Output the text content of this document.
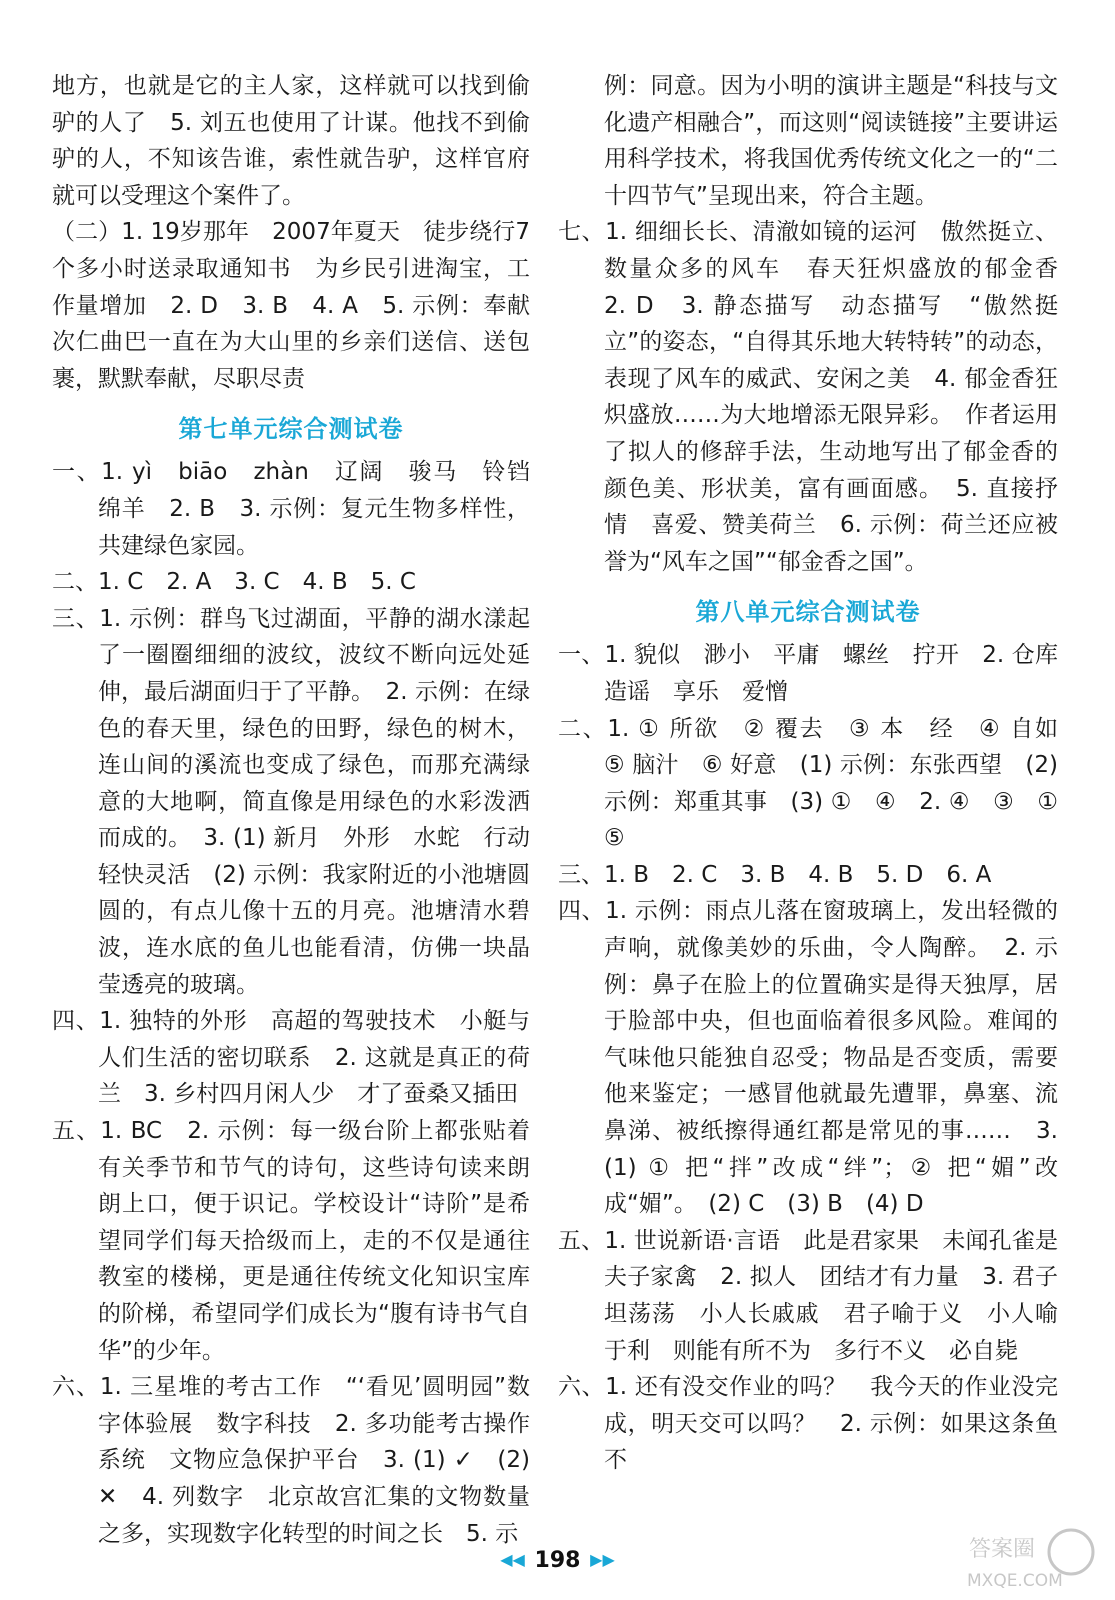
地方，也就是它的主人家，这样就可以找到偷驴的人了　5. 刘五也使用了计谋。他找不到偷驴的人，不知该告谁，索性就告驴，这样官府就可以受理这个案件了。

（二）1. 19岁那年　2007年夏天　徒步绕行7个多小时送录取通知书　为乡民引进淘宝，工作量增加　2. D　3. B　4. A　5. 示例：奉献　次仁曲巴一直在为大山里的乡亲们送信、送包裹，默默奉献，尽职尽责

第七单元综合测试卷

一、1. yì　biāo　zhàn　辽阔　骏马　铃铛　绵羊　2. B　3. 示例：复元生物多样性，共建绿色家园。

二、1. C　2. A　3. C　4. B　5. C

三、1. 示例：群鸟飞过湖面，平静的湖水漾起了一圈圈细细的波纹，波纹不断向远处延伸，最后湖面归于了平静。　2. 示例：在绿色的春天里，绿色的田野，绿色的树木，连山间的溪流也变成了绿色，而那充满绿意的大地啊，简直像是用绿色的水彩泼洒而成的。　3. (1) 新月　外形　水蛇　行动轻快灵活　(2) 示例：我家附近的小池塘圆圆的，有点儿像十五的月亮。池塘清水碧波，连水底的鱼儿也能看清，仿佛一块晶莹透亮的玻璃。

四、1. 独特的外形　高超的驾驶技术　小艇与人们生活的密切联系　2. 这就是真正的荷兰　3. 乡村四月闲人少　才了蚕桑又插田

五、1. BC　2. 示例：每一级台阶上都张贴着有关季节和节气的诗句，这些诗句读来朗朗上口，便于识记。学校设计“诗阶”是希望同学们每天拾级而上，走的不仅是通往教室的楼梯，更是通往传统文化知识宝库的阶梯，希望同学们成长为“腹有诗书气自华”的少年。

六、1. 三星堆的考古工作　“‘看见’圆明园”数字体验展　数字科技　2. 多功能考古操作系统　文物应急保护平台　3. (1) ✓　(2) ✕　4. 列数字　北京故宫汇集的文物数量之多，实现数字化转型的时间之长　5. 示

例：同意。因为小明的演讲主题是“科技与文化遗产相融合”，而这则“阅读链接”主要讲运用科学技术，将我国优秀传统文化之一的“二十四节气”呈现出来，符合主题。

七、1. 细细长长、清澈如镜的运河　傲然挺立、数量众多的风车　春天狂炽盛放的郁金香　2. D　3. 静态描写　动态描写　“傲然挺立”的姿态，“自得其乐地大转特转”的动态，表现了风车的威武、安闲之美　4. 郁金香狂炽盛放……为大地增添无限异彩。　作者运用了拟人的修辞手法，生动地写出了郁金香的颜色美、形状美，富有画面感。　5. 直接抒情　喜爱、赞美荷兰　6. 示例：荷兰还应被誉为“风车之国”“郁金香之国”。

第八单元综合测试卷

一、1. 貌似　渺小　平庸　螺丝　拧开　2. 仓库　造谣　享乐　爱憎

二、1. ① 所欲　② 覆去　③ 本　经　④ 自如　⑤ 脑汁　⑥ 好意　(1) 示例：东张西望　(2) 示例：郑重其事　(3) ①　④　2. ④　③　①　⑤

三、1. B　2. C　3. B　4. B　5. D　6. A

四、1. 示例：雨点儿落在窗玻璃上，发出轻微的声响，就像美妙的乐曲，令人陶醉。　2. 示例：鼻子在脸上的位置确实是得天独厚，居于脸部中央，但也面临着很多风险。难闻的气味他只能独自忍受；物品是否变质，需要他来鉴定；一感冒他就最先遭罪，鼻塞、流鼻涕、被纸擦得通红都是常见的事……　3. (1) ① 把“拌”改成“绊”；② 把“媚”改成“媚”。　(2) C　(3) B　(4) D

五、1. 世说新语·言语　此是君家果　未闻孔雀是夫子家禽　2. 拟人　团结才有力量　3. 君子坦荡荡　小人长戚戚　君子喻于义　小人喻于利　则能有所不为　多行不义　必自毙

六、1. 还有没交作业的吗？　我今天的作业没完成，明天交可以吗？　2. 示例：如果这条鱼不

◀◀ 198 ▶▶	答案圈
MXQE.COM
